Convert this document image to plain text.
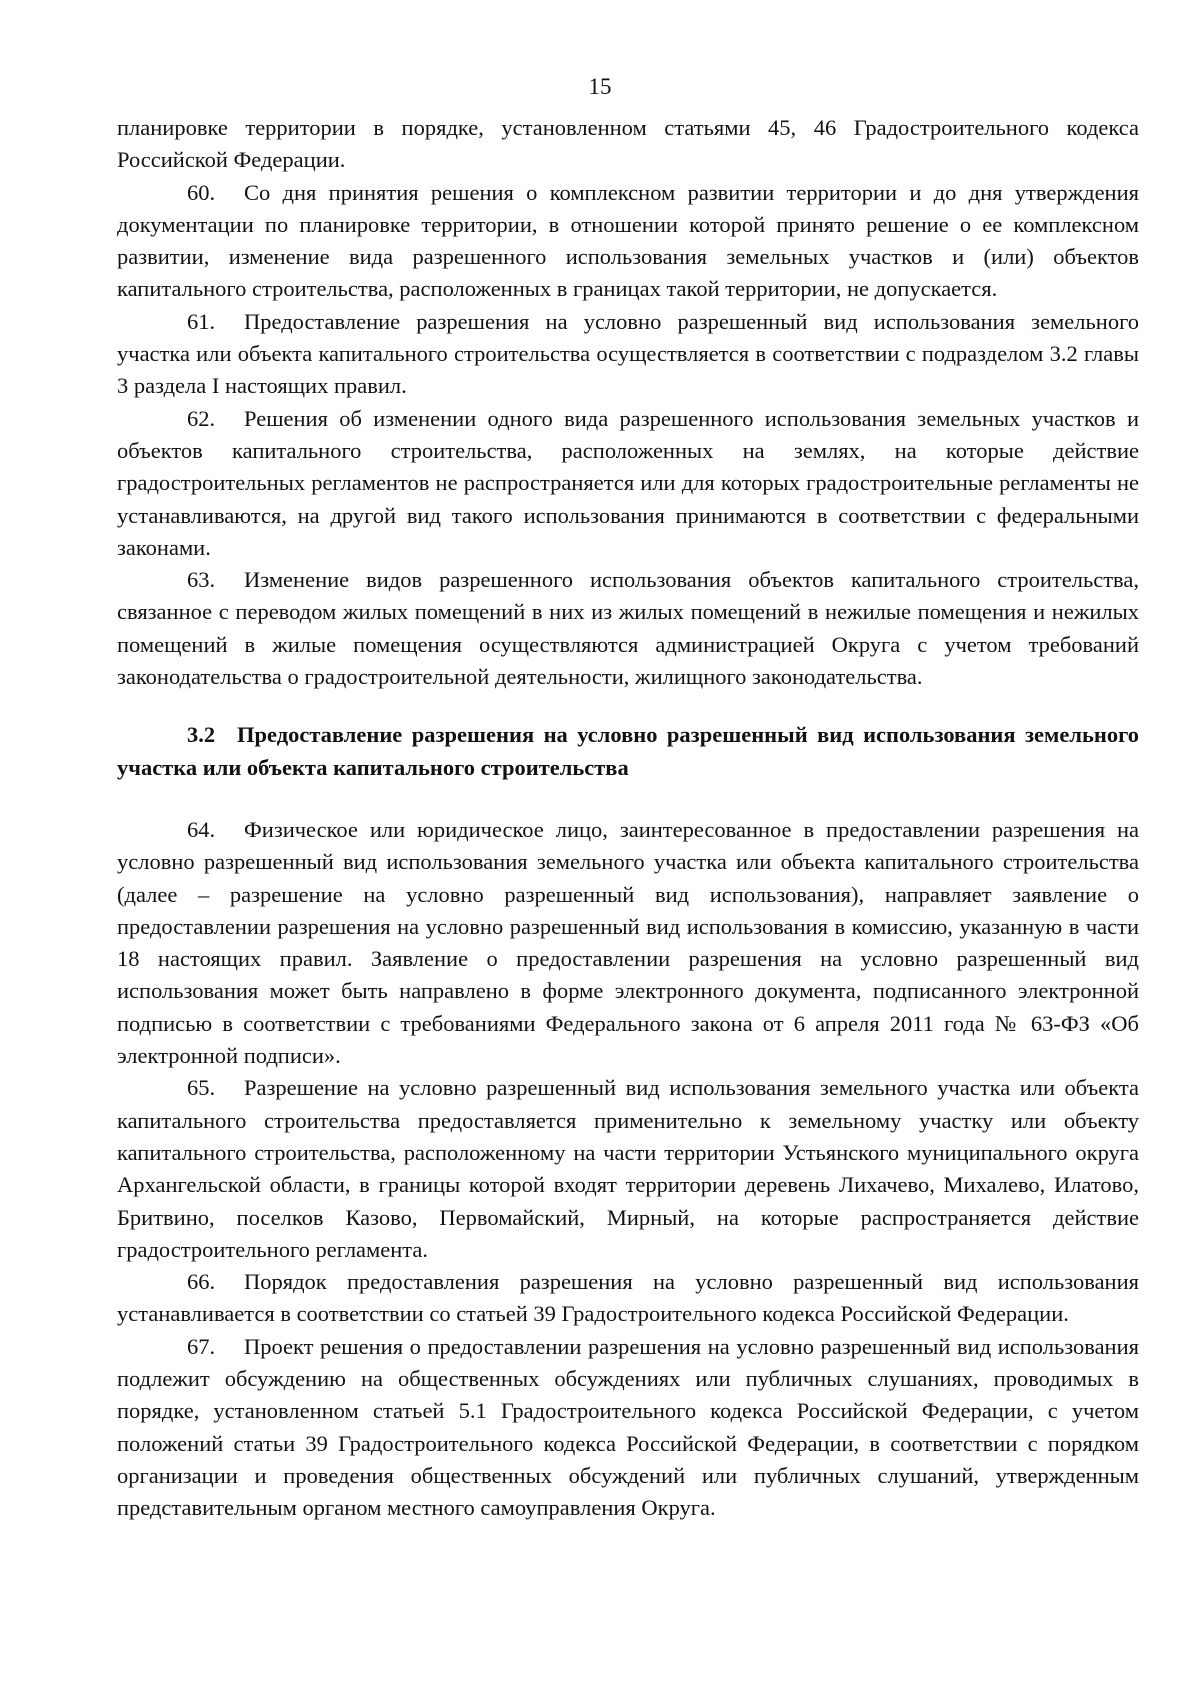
15

планировке территории в порядке, установленном статьями 45, 46 Градостроительного кодекса Российской Федерации.

60. Со дня принятия решения о комплексном развитии территории и до дня утверждения документации по планировке территории, в отношении которой принято решение о ее комплексном развитии, изменение вида разрешенного использования земельных участков и (или) объектов капитального строительства, расположенных в границах такой территории, не допускается.

61. Предоставление разрешения на условно разрешенный вид использования земельного участка или объекта капитального строительства осуществляется в соответствии с подразделом 3.2 главы 3 раздела I настоящих правил.

62. Решения об изменении одного вида разрешенного использования земельных участков и объектов капитального строительства, расположенных на землях, на которые действие градостроительных регламентов не распространяется или для которых градостроительные регламенты не устанавливаются, на другой вид такого использования принимаются в соответствии с федеральными законами.

63. Изменение видов разрешенного использования объектов капитального строительства, связанное с переводом жилых помещений в них из жилых помещений в нежилые помещения и нежилых помещений в жилые помещения осуществляются администрацией Округа с учетом требований законодательства о градостроительной деятельности, жилищного законодательства.

3.2 Предоставление разрешения на условно разрешенный вид использования земельного участка или объекта капитального строительства

64. Физическое или юридическое лицо, заинтересованное в предоставлении разрешения на условно разрешенный вид использования земельного участка или объекта капитального строительства (далее – разрешение на условно разрешенный вид использования), направляет заявление о предоставлении разрешения на условно разрешенный вид использования в комиссию, указанную в части 18 настоящих правил. Заявление о предоставлении разрешения на условно разрешенный вид использования может быть направлено в форме электронного документа, подписанного электронной подписью в соответствии с требованиями Федерального закона от 6 апреля 2011 года № 63-ФЗ «Об электронной подписи».

65. Разрешение на условно разрешенный вид использования земельного участка или объекта капитального строительства предоставляется применительно к земельному участку или объекту капитального строительства, расположенному на части территории Устьянского муниципального округа Архангельской области, в границы которой входят территории деревень Лихачево, Михалево, Илатово, Бритвино, поселков Казово, Первомайский, Мирный, на которые распространяется действие градостроительного регламента.

66. Порядок предоставления разрешения на условно разрешенный вид использования устанавливается в соответствии со статьей 39 Градостроительного кодекса Российской Федерации.

67. Проект решения о предоставлении разрешения на условно разрешенный вид использования подлежит обсуждению на общественных обсуждениях или публичных слушаниях, проводимых в порядке, установленном статьей 5.1 Градостроительного кодекса Российской Федерации, с учетом положений статьи 39 Градостроительного кодекса Российской Федерации, в соответствии с порядком организации и проведения общественных обсуждений или публичных слушаний, утвержденным представительным органом местного самоуправления Округа.
